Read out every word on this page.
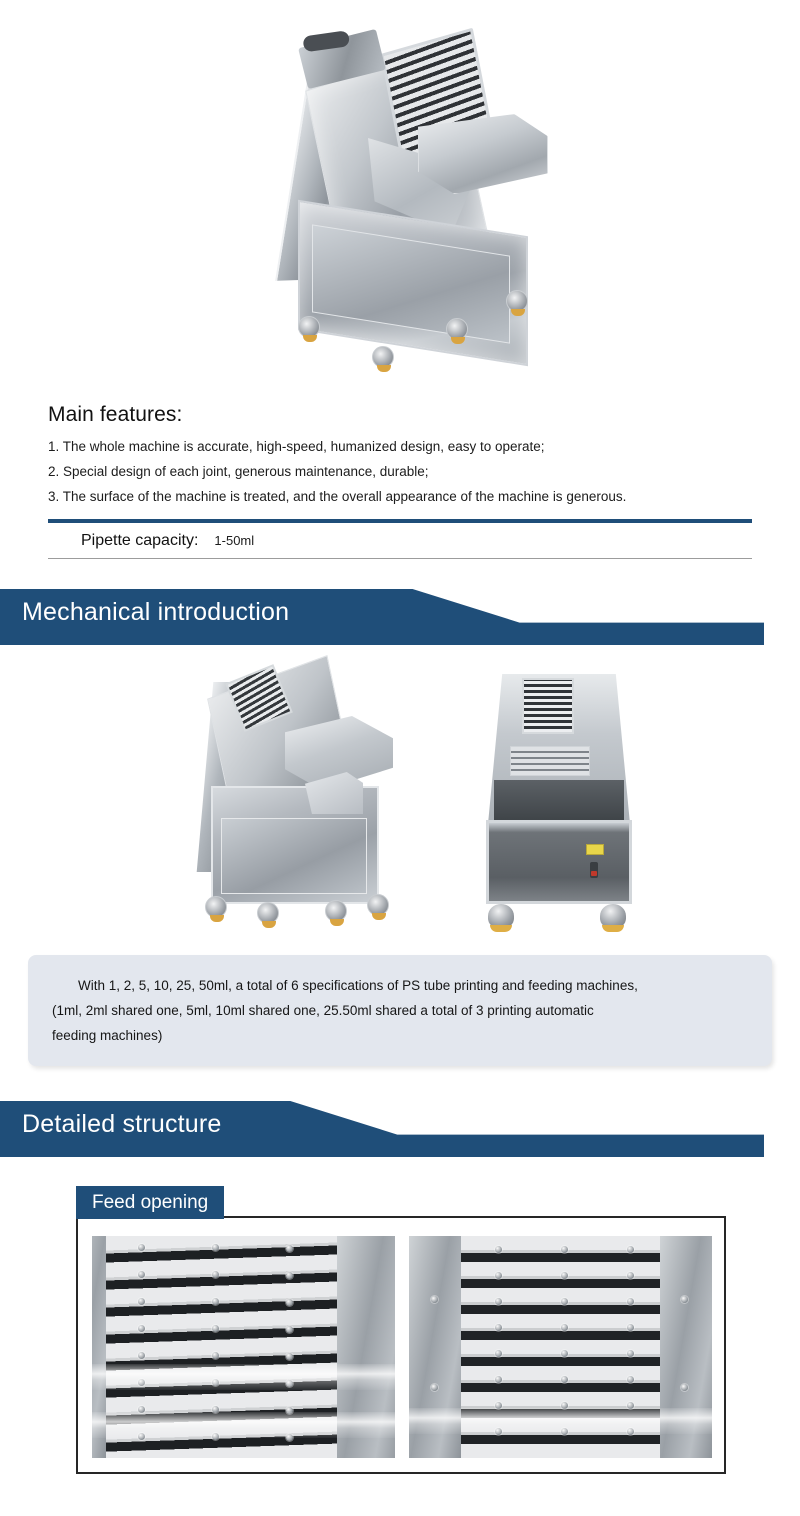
Main features:

1. The whole machine is accurate, high-speed, humanized design, easy to operate;

2. Special design of each joint, generous maintenance, durable;

3. The surface of the machine is treated, and the overall appearance of the machine is generous.

Pipette capacity: 1-50ml
Mechanical introduction

With 1, 2, 5, 10, 25, 50ml, a total of 6 specifications of PS tube printing and feeding machines,

(1ml, 2ml shared one, 5ml, 10ml shared one, 25.50ml shared a total of 3 printing automatic

feeding machines)

Detailed structure
Feed opening
